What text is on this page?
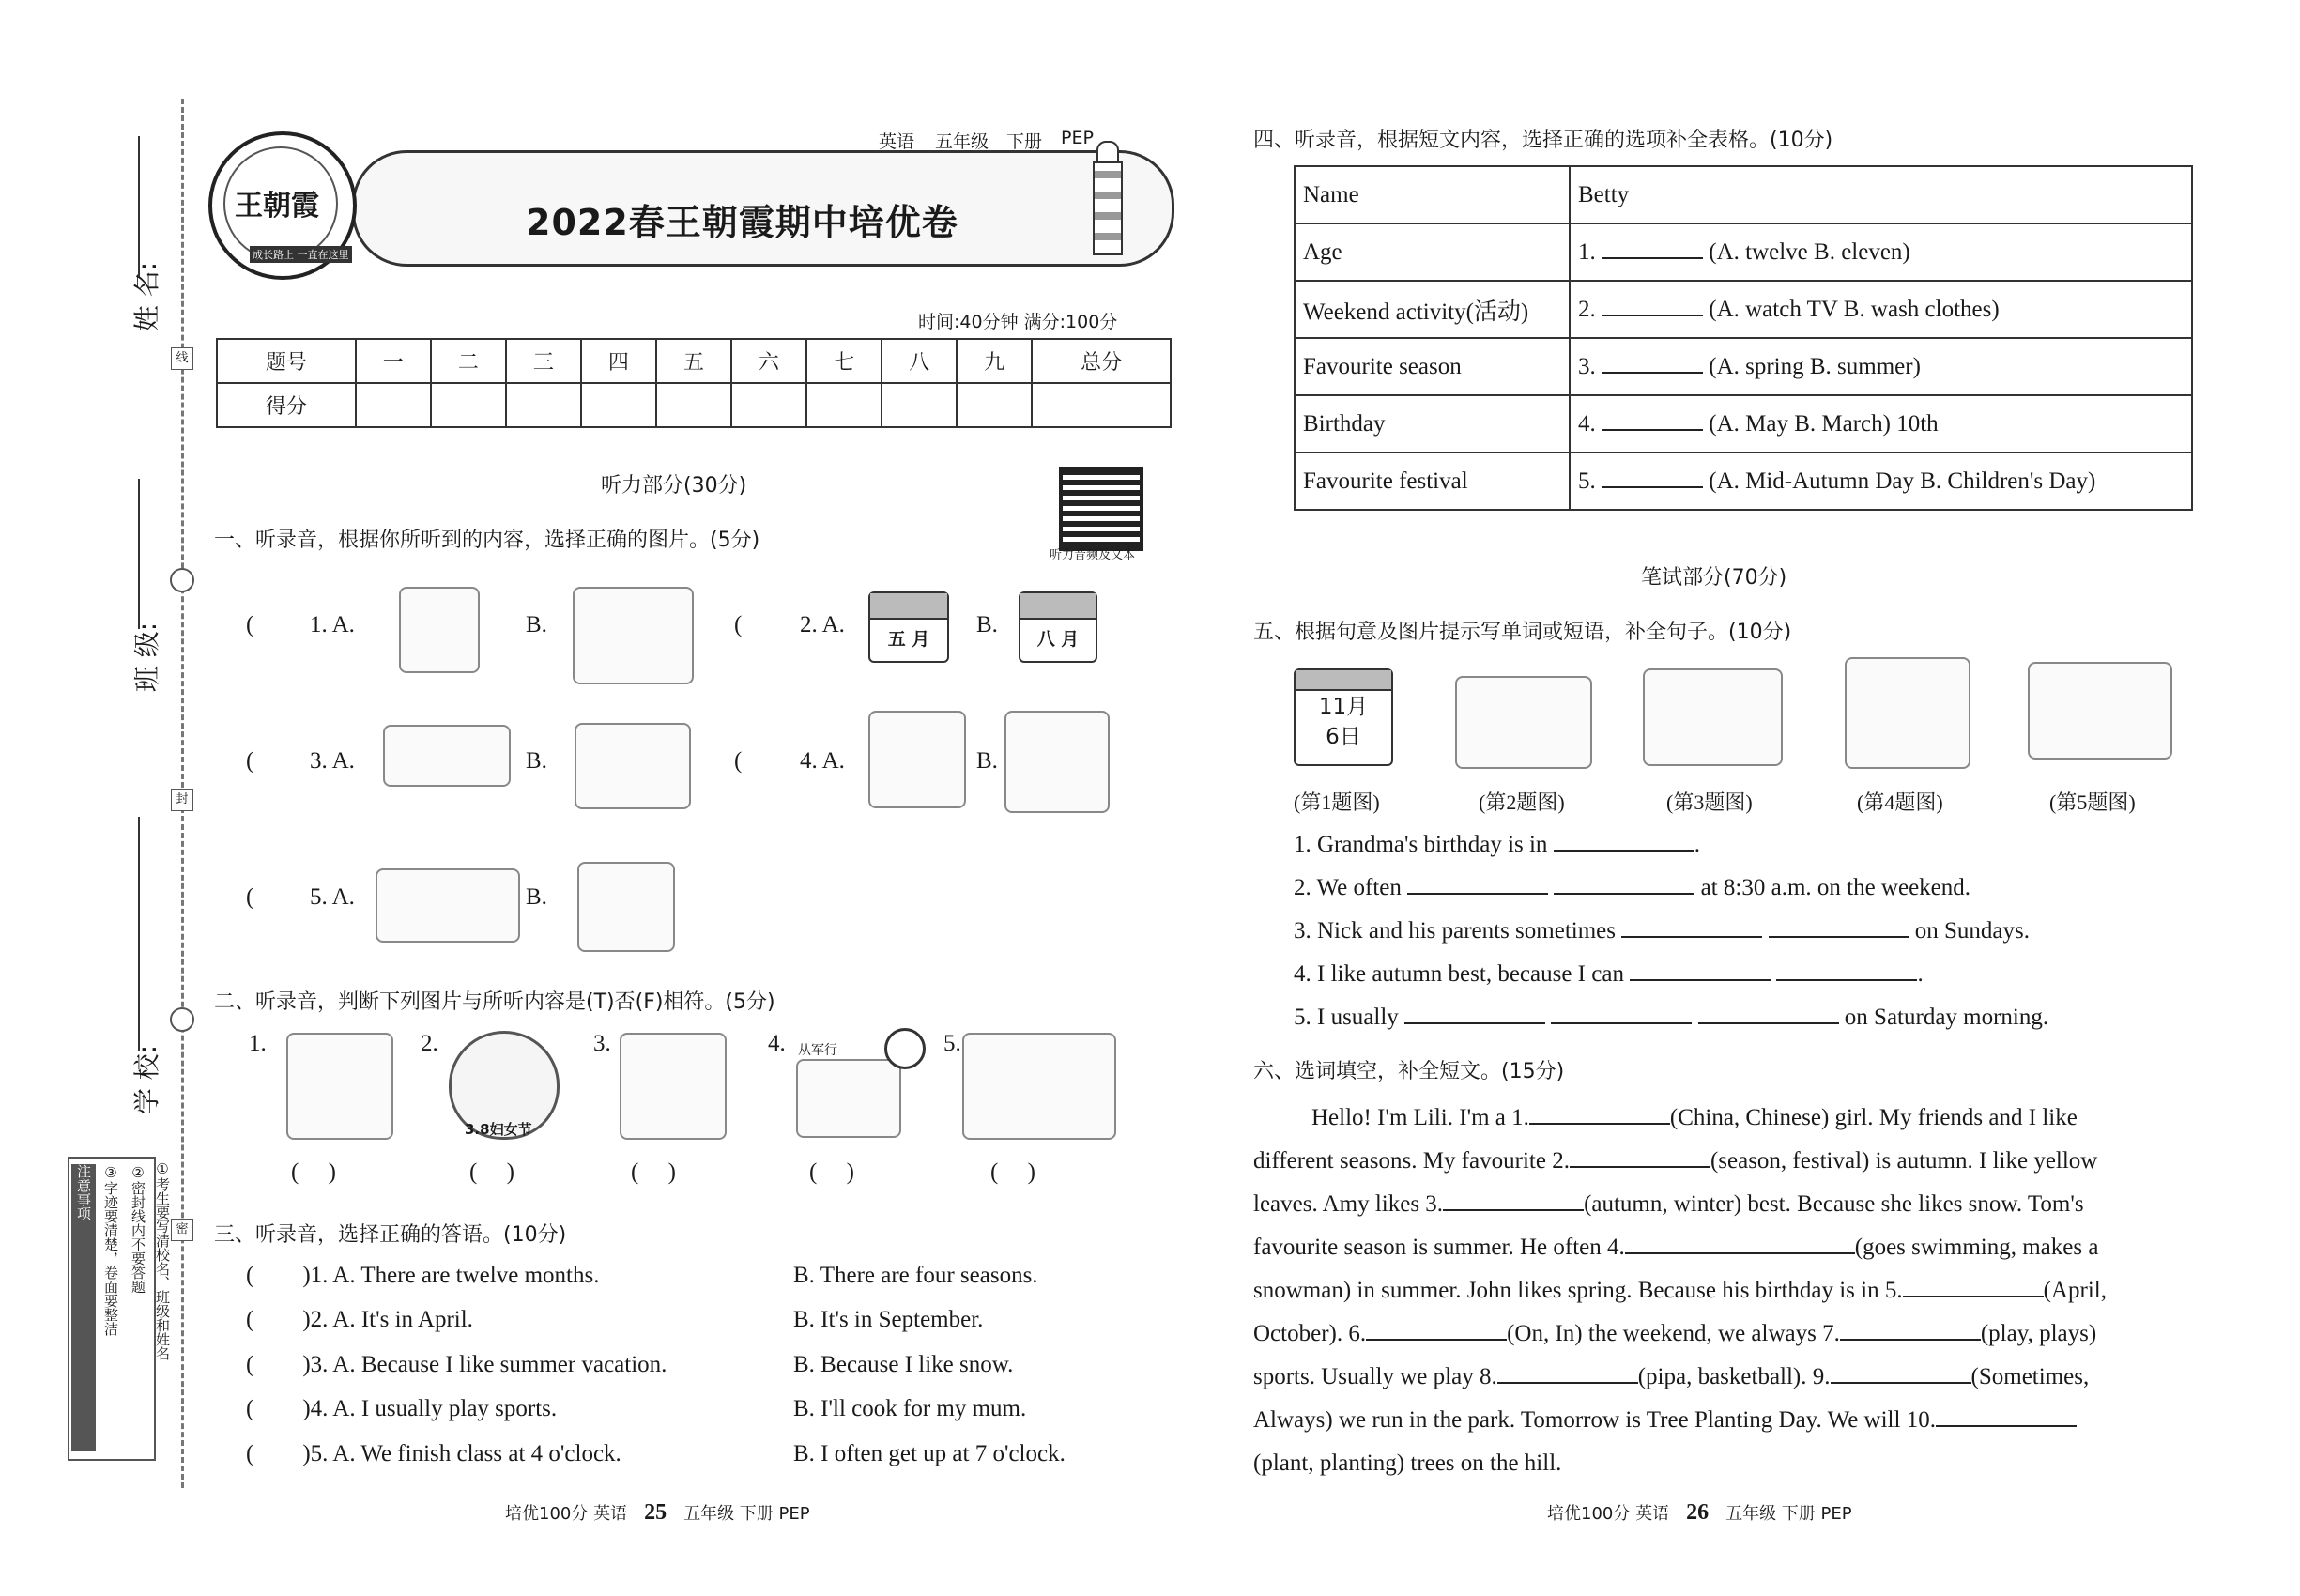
姓 名:
班 级:
学 校:
线
封
密
注意事项 ③字迹要清楚，卷面要整洁 ②密封线内不要答题 ①考生要写清校名、班级和姓名
王朝霞
成长路上 一直在这里
英语 五年级 下册 PEP
2022春王朝霞期中培优卷
时间:40分钟 满分:100分
题号	一	二	三	四	五	六	七	八	九	总分
得分										
听力部分(30分)
听力音频及文本
一、听录音，根据你所听到的内容，选择正确的图片。(5分)
(	1. A.	B.	(	2. A.
五 月
B.
八 月
(	3. A.	B.	(	4. A.	B.
(	5. A.	B.
二、听录音，判断下列图片与所听内容是(T)否(F)相符。(5分)
1.	2.
3.8妇女节
3.	4. 从军行	5.
(     )	(     )	(     )	(     )	(     )
三、听录音，选择正确的答语。(10分)
( )1. A. There are twelve months.	B. There are four seasons.
( )2. A. It's in April.	B. It's in September.
( )3. A. Because I like summer vacation.	B. Because I like snow.
( )4. A. I usually play sports.	B. I'll cook for my mum.
( )5. A. We finish class at 4 o'clock.	B. I often get up at 7 o'clock.
四、听录音，根据短文内容，选择正确的选项补全表格。(10分)
Name	Betty
Age	1. (A. twelve B. eleven)
Weekend activity(活动)	2. (A. watch TV B. wash clothes)
Favourite season	3. (A. spring B. summer)
Birthday	4. (A. May B. March) 10th
Favourite festival	5. (A. Mid-Autumn Day B. Children's Day)
笔试部分(70分)
五、根据句意及图片提示写单词或短语，补全句子。(10分)
11月
6日
(第1题图)	(第2题图)	(第3题图)	(第4题图)	(第5题图)
1. Grandma's birthday is in	.
2. We often	at 8:30 a.m. on the weekend.
3. Nick and his parents sometimes	on Sundays.
4. I like autumn best, because I can	.
5. I usually	on Saturday morning.
六、选词填空，补全短文。(15分)

Hello! I'm Lili. I'm a 1.	(China, Chinese) girl. My friends and I like

different seasons. My favourite 2.	(season, festival) is autumn. I like yellow

leaves. Amy likes 3.	(autumn, winter) best. Because she likes snow. Tom's

favourite season is summer. He often 4.	(goes swimming, makes a

snowman) in summer. John likes spring. Because his birthday is in 5.	(April,

October). 6.	(On, In) the weekend, we always 7.	(play, plays)

sports. Usually we play 8.	(pipa, basketball). 9.	(Sometimes,

Always) we run in the park. Tomorrow is Tree Planting Day. We will 10.

(plant, planting) trees on the hill.

培优100分 英语 25 五年级 下册 PEP	培优100分 英语 26 五年级 下册 PEP
